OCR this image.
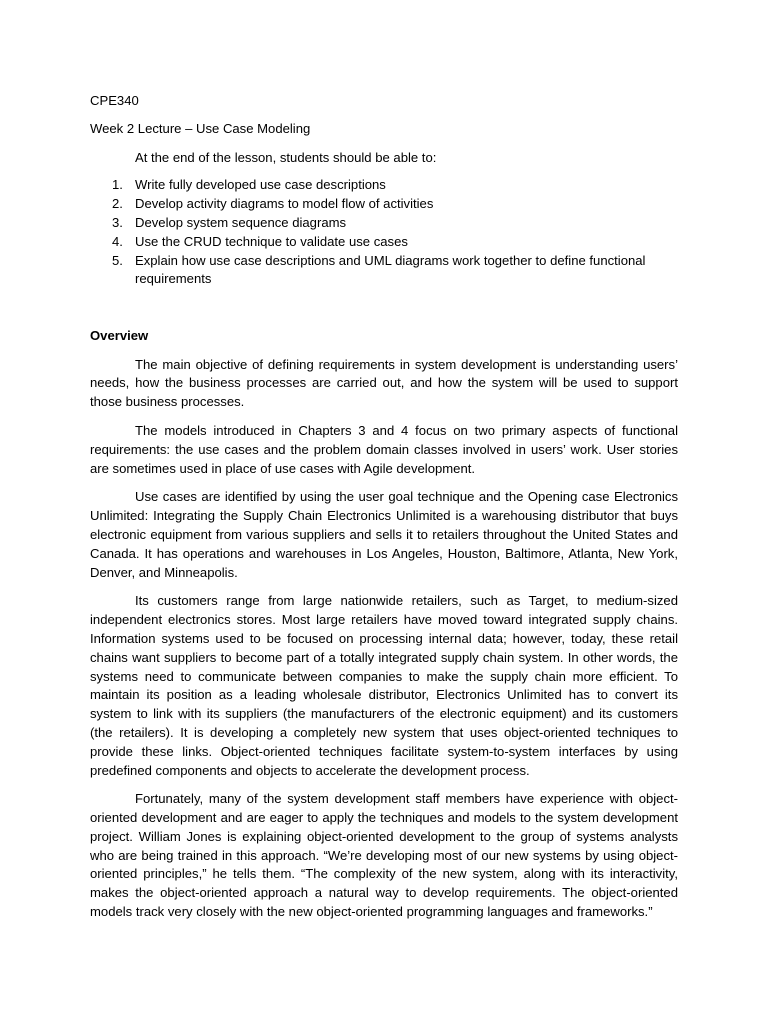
CPE340
Week 2 Lecture – Use Case Modeling
At the end of the lesson, students should be able to:
1. Write fully developed use case descriptions
2. Develop activity diagrams to model flow of activities
3. Develop system sequence diagrams
4. Use the CRUD technique to validate use cases
5. Explain how use case descriptions and UML diagrams work together to define functional requirements
Overview

The main objective of defining requirements in system development is understanding users’ needs, how the business processes are carried out, and how the system will be used to support those business processes.

The models introduced in Chapters 3 and 4 focus on two primary aspects of functional requirements: the use cases and the problem domain classes involved in users’ work. User stories are sometimes used in place of use cases with Agile development.

Use cases are identified by using the user goal technique and the Opening case Electronics Unlimited: Integrating the Supply Chain Electronics Unlimited is a warehousing distributor that buys electronic equipment from various suppliers and sells it to retailers throughout the United States and Canada. It has operations and warehouses in Los Angeles, Houston, Baltimore, Atlanta, New York, Denver, and Minneapolis.

Its customers range from large nationwide retailers, such as Target, to medium-sized independent electronics stores. Most large retailers have moved toward integrated supply chains. Information systems used to be focused on processing internal data; however, today, these retail chains want suppliers to become part of a totally integrated supply chain system. In other words, the systems need to communicate between companies to make the supply chain more efficient. To maintain its position as a leading wholesale distributor, Electronics Unlimited has to convert its system to link with its suppliers (the manufacturers of the electronic equipment) and its customers (the retailers). It is developing a completely new system that uses object-oriented techniques to provide these links. Object-oriented techniques facilitate system-to-system interfaces by using predefined components and objects to accelerate the development process.

Fortunately, many of the system development staff members have experience with object-oriented development and are eager to apply the techniques and models to the system development project. William Jones is explaining object-oriented development to the group of systems analysts who are being trained in this approach. “We’re developing most of our new systems by using object-oriented principles,” he tells them. “The complexity of the new system, along with its interactivity, makes the object-oriented approach a natural way to develop requirements. The object-oriented models track very closely with the new object-oriented programming languages and frameworks.”
